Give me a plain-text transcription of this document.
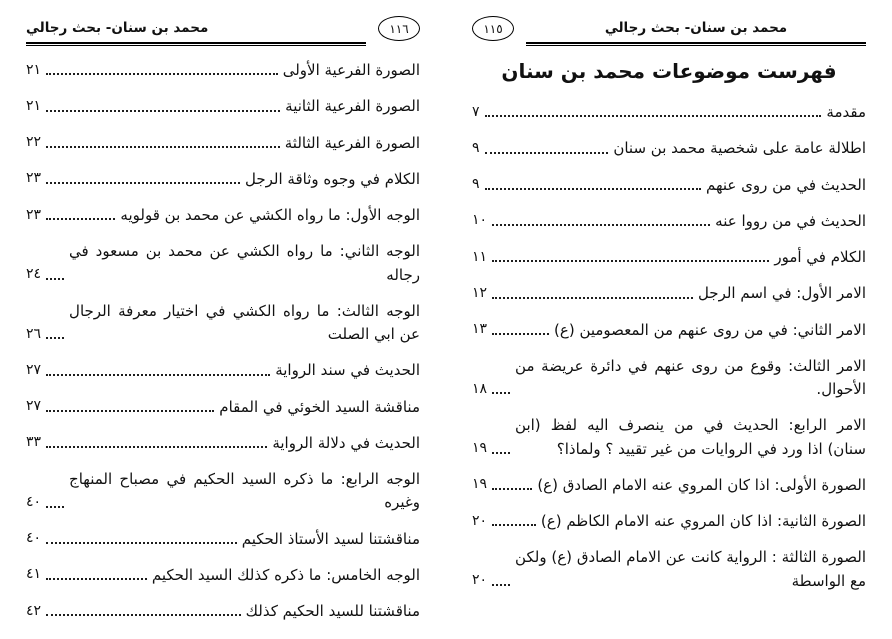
١١٦
محمد بن سنان- بحث رجالي
الصورة الفرعية الأولى
٢١
الصورة الفرعية الثانية
٢١
الصورة الفرعية الثالثة
٢٢
الكلام في وجوه وثاقة الرجل
٢٣
الوجه الأول: ما رواه الكشي عن محمد بن قولويه
٢٣
الوجه الثاني: ما رواه الكشي عن محمد بن مسعود في رجاله
٢٤
الوجه الثالث: ما رواه الكشي في اختيار معرفة الرجال عن ابي الصلت
٢٦
الحديث في سند الرواية
٢٧
مناقشة السيد الخوئي في المقام
٢٧
الحديث في دلالة الرواية
٣٣
الوجه الرابع: ما ذكره السيد الحكيم في مصباح المنهاج وغيره
٤٠
مناقشتنا لسيد الأستاذ الحكيم
٤٠
الوجه الخامس: ما ذكره كذلك السيد الحكيم
٤١
مناقشتنا للسيد الحكيم كذلك
٤٢
محمد بن سنان- بحث رجالي
١١٥
فهرست موضوعات محمد بن سنان
مقدمة
٧
اطلالة عامة على شخصية محمد بن سنان
٩
الحديث في من روى عنهم
٩
الحديث في من رووا عنه
١٠
الكلام في أمور
١١
الامر الأول: في اسم الرجل
١٢
الامر الثاني: في من روى عنهم من المعصومين (ع)
١٣
الامر الثالث: وقوع من روى عنهم في دائرة عريضة من الأحوال.
١٨
الامر الرابع: الحديث في من ينصرف اليه لفظ (ابن سنان) اذا ورد في الروايات من غير تقييد ؟ ولماذا؟
١٩
الصورة الأولى: اذا كان المروي عنه الامام الصادق (ع)
١٩
الصورة الثانية: اذا كان المروي عنه الامام الكاظم (ع)
٢٠
الصورة الثالثة : الرواية كانت عن الامام الصادق (ع) ولكن مع الواسطة
٢٠
